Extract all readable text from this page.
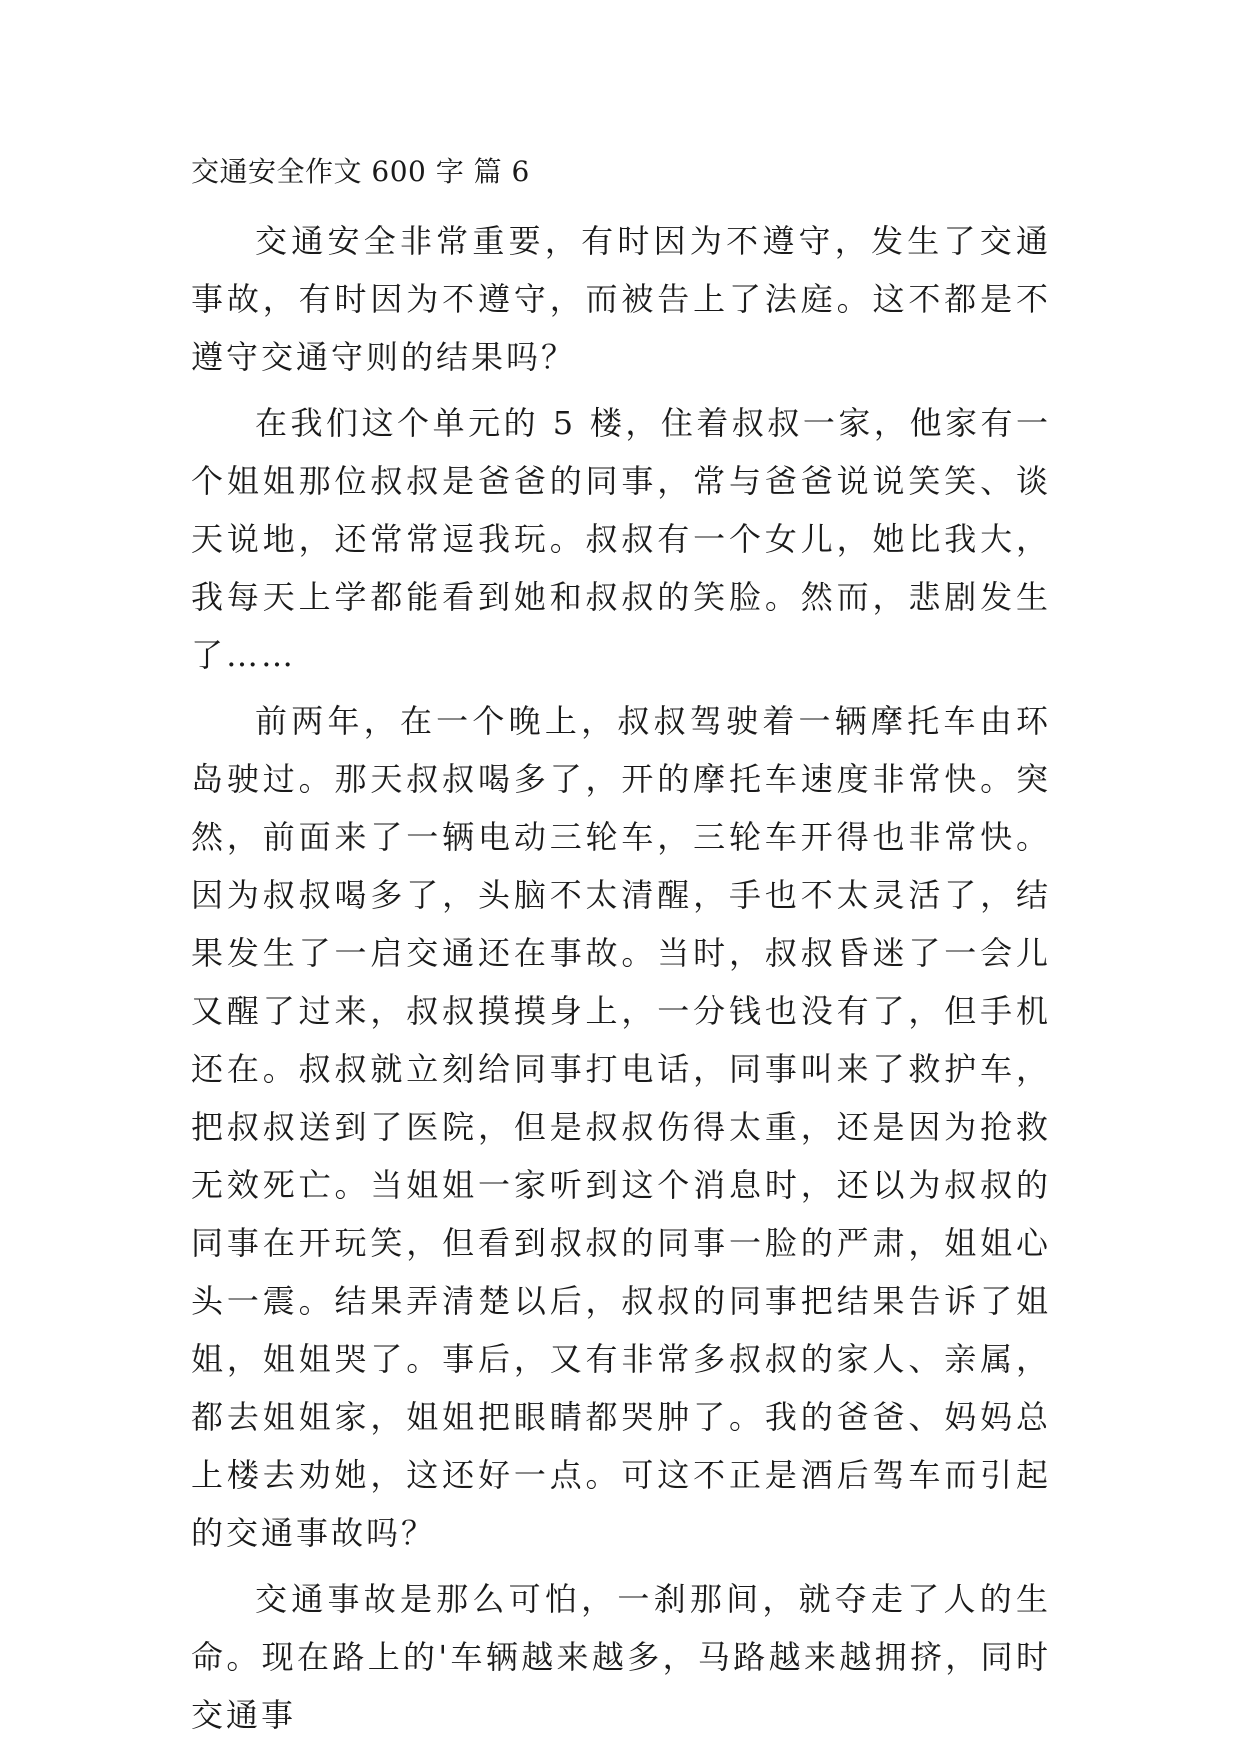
交通安全作文 600 字 篇 6

交通安全非常重要，有时因为不遵守，发生了交通事故，有时因为不遵守，而被告上了法庭。这不都是不遵守交通守则的结果吗？

在我们这个单元的 5 楼，住着叔叔一家，他家有一个姐姐那位叔叔是爸爸的同事，常与爸爸说说笑笑、谈天说地，还常常逗我玩。叔叔有一个女儿，她比我大，我每天上学都能看到她和叔叔的笑脸。然而，悲剧发生了……

前两年，在一个晚上，叔叔驾驶着一辆摩托车由环岛驶过。那天叔叔喝多了，开的摩托车速度非常快。突然，前面来了一辆电动三轮车，三轮车开得也非常快。因为叔叔喝多了，头脑不太清醒，手也不太灵活了，结果发生了一启交通还在事故。当时，叔叔昏迷了一会儿又醒了过来，叔叔摸摸身上，一分钱也没有了，但手机还在。叔叔就立刻给同事打电话，同事叫来了救护车，把叔叔送到了医院，但是叔叔伤得太重，还是因为抢救无效死亡。当姐姐一家听到这个消息时，还以为叔叔的同事在开玩笑，但看到叔叔的同事一脸的严肃，姐姐心头一震。结果弄清楚以后，叔叔的同事把结果告诉了姐姐，姐姐哭了。事后，又有非常多叔叔的家人、亲属，都去姐姐家，姐姐把眼睛都哭肿了。我的爸爸、妈妈总上楼去劝她，这还好一点。可这不正是酒后驾车而引起的交通事故吗？

交通事故是那么可怕，一刹那间，就夺走了人的生命。现在路上的'车辆越来越多，马路越来越拥挤，同时交通事
